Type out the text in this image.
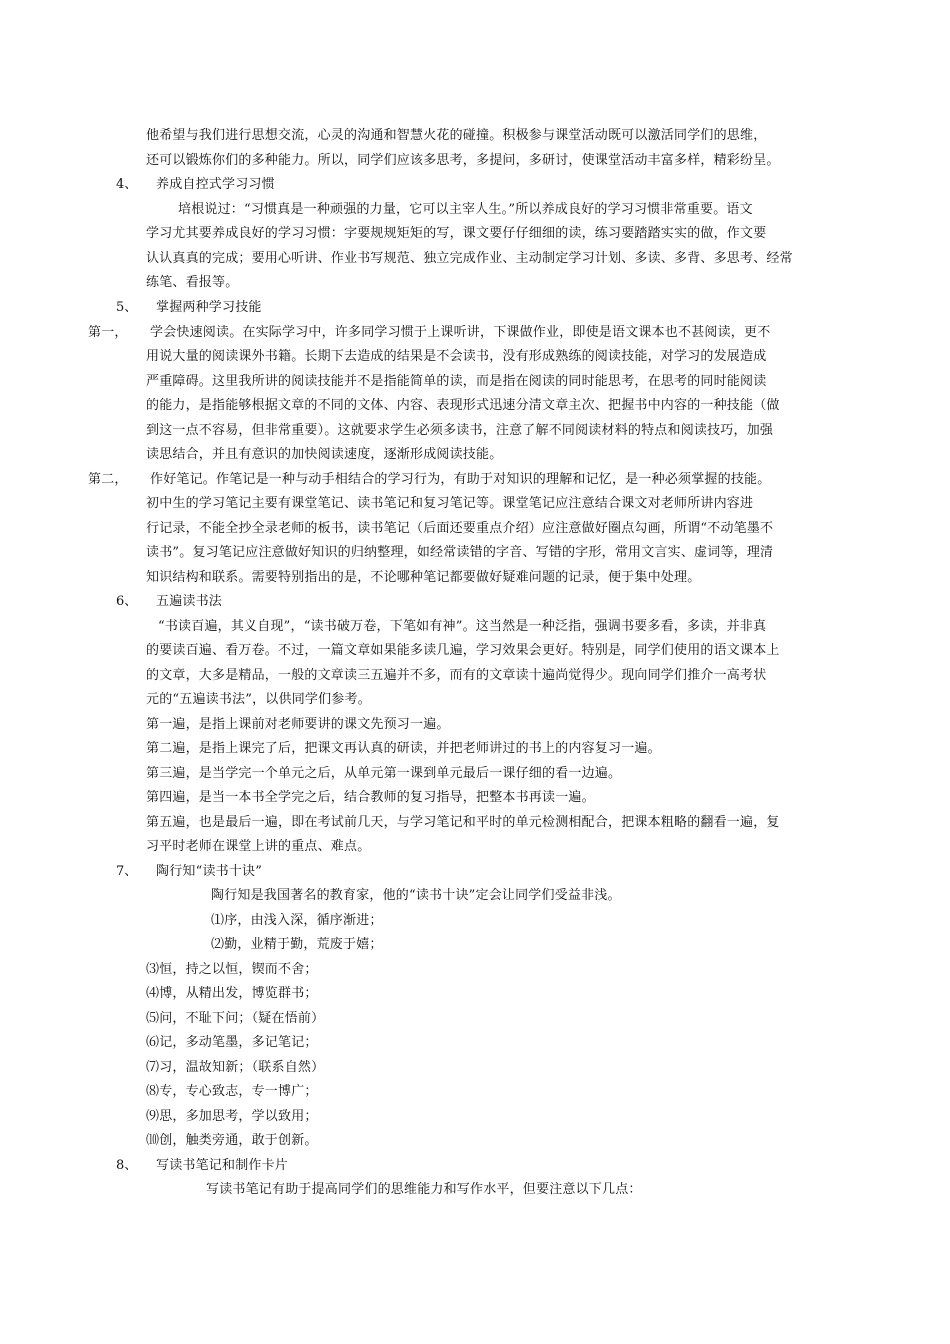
他希望与我们进行思想交流，心灵的沟通和智慧火花的碰撞。积极参与课堂活动既可以激活同学们的思维，
还可以锻炼你们的多种能力。所以，同学们应该多思考，多提问，多研讨，使课堂活动丰富多样，精彩纷呈。
4、 养成自控式学习习惯
培根说过：“习惯真是一种顽强的力量，它可以主宰人生。”所以养成良好的学习习惯非常重要。语文
学习尤其要养成良好的学习习惯：字要规规矩矩的写，课文要仔仔细细的读，练习要踏踏实实的做，作文要
认认真真的完成；要用心听讲、作业书写规范、独立完成作业、主动制定学习计划、多读、多背、多思考、经常
练笔、看报等。
5、 掌握两种学习技能
第一， 学会快速阅读。在实际学习中，许多同学习惯于上课听讲，下课做作业，即使是语文课本也不甚阅读，更不
用说大量的阅读课外书籍。长期下去造成的结果是不会读书，没有形成熟练的阅读技能，对学习的发展造成
严重障碍。这里我所讲的阅读技能并不是指能简单的读，而是指在阅读的同时能思考，在思考的同时能阅读
的能力，是指能够根据文章的不同的文体、内容、表现形式迅速分清文章主次、把握书中内容的一种技能（做
到这一点不容易，但非常重要）。这就要求学生必须多读书，注意了解不同阅读材料的特点和阅读技巧，加强
读思结合，并且有意识的加快阅读速度，逐渐形成阅读技能。
第二， 作好笔记。作笔记是一种与动手相结合的学习行为，有助于对知识的理解和记忆，是一种必须掌握的技能。
初中生的学习笔记主要有课堂笔记、读书笔记和复习笔记等。课堂笔记应注意结合课文对老师所讲内容进
行记录，不能全抄全录老师的板书，读书笔记（后面还要重点介绍）应注意做好圈点勾画，所谓“不动笔墨不
读书”。复习笔记应注意做好知识的归纳整理，如经常读错的字音、写错的字形，常用文言实、虚词等，理清
知识结构和联系。需要特别指出的是，不论哪种笔记都要做好疑难问题的记录，便于集中处理。
6、 五遍读书法
“书读百遍，其义自现”，“读书破万卷，下笔如有神”。这当然是一种泛指，强调书要多看，多读，并非真
的要读百遍、看万卷。不过，一篇文章如果能多读几遍，学习效果会更好。特别是，同学们使用的语文课本上
的文章，大多是精品，一般的文章读三五遍并不多，而有的文章读十遍尚觉得少。现向同学们推介一高考状
元的“五遍读书法”，以供同学们参考。
第一遍，是指上课前对老师要讲的课文先预习一遍。
第二遍，是指上课完了后，把课文再认真的研读，并把老师讲过的书上的内容复习一遍。
第三遍，是当学完一个单元之后，从单元第一课到单元最后一课仔细的看一边遍。
第四遍，是当一本书全学完之后，结合教师的复习指导，把整本书再读一遍。
第五遍，也是最后一遍，即在考试前几天，与学习笔记和平时的单元检测相配合，把课本粗略的翻看一遍，复
习平时老师在课堂上讲的重点、难点。
7、 陶行知“读书十诀”
陶行知是我国著名的教育家，他的“读书十诀”定会让同学们受益非浅。
⑴序，由浅入深，循序渐进；
⑵勤，业精于勤，荒废于嬉；
⑶恒，持之以恒，锲而不舍；
⑷博，从精出发，博览群书；
⑸问，不耻下问；（疑在悟前）
⑹记，多动笔墨，多记笔记；
⑺习，温故知新；（联系自然）
⑻专，专心致志，专一博广；
⑼思，多加思考，学以致用；
⑽创，触类旁通，敢于创新。
8、 写读书笔记和制作卡片
写读书笔记有助于提高同学们的思维能力和写作水平，但要注意以下几点：
